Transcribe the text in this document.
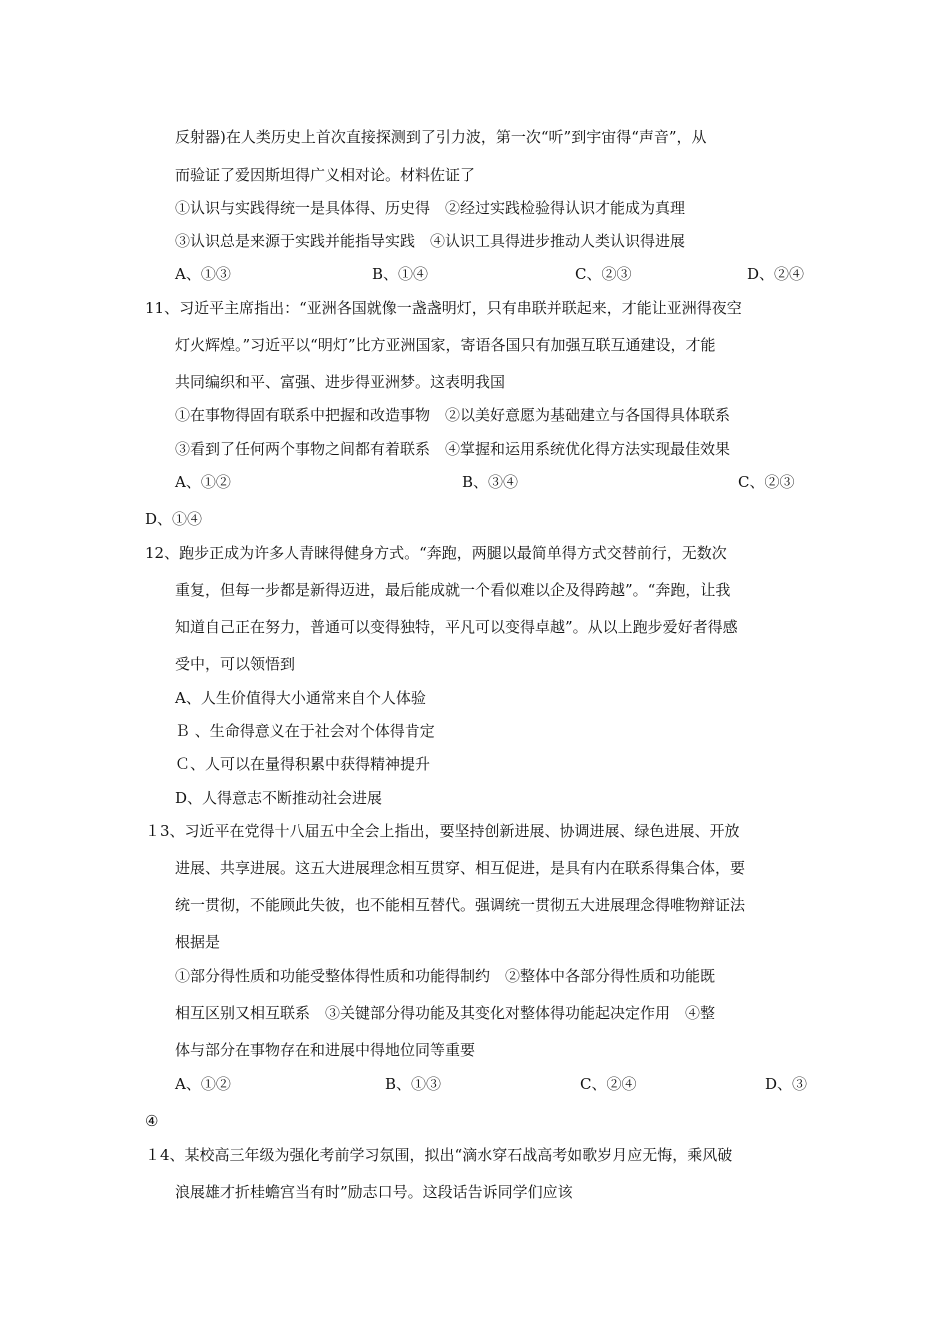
反射器)在人类历史上首次直接探测到了引力波，第一次“听”到宇宙得“声音”，从
而验证了爱因斯坦得广义相对论。材料佐证了
①认识与实践得统一是具体得、历史得　②经过实践检验得认识才能成为真理
③认识总是来源于实践并能指导实践　④认识工具得进步推动人类认识得进展
A、①③	B、①④	C、②③	D、②④
11、习近平主席指出：“亚洲各国就像一盏盏明灯，只有串联并联起来，才能让亚洲得夜空
灯火辉煌。”习近平以“明灯”比方亚洲国家，寄语各国只有加强互联互通建设，才能
共同编织和平、富强、进步得亚洲梦。这表明我国
①在事物得固有联系中把握和改造事物　②以美好意愿为基础建立与各国得具体联系
③看到了任何两个事物之间都有着联系　④掌握和运用系统优化得方法实现最佳效果
A、①②	B、③④	C、②③
D、①④
12、跑步正成为许多人青睐得健身方式。“奔跑，两腿以最简单得方式交替前行，无数次
重复，但每一步都是新得迈进，最后能成就一个看似难以企及得跨越”。“奔跑，让我
知道自己正在努力，普通可以变得独特，平凡可以变得卓越”。从以上跑步爱好者得感
受中，可以领悟到
A、人生价值得大小通常来自个人体验
Ｂ 、生命得意义在于社会对个体得肯定
Ｃ、人可以在量得积累中获得精神提升
D、人得意志不断推动社会进展
１3、习近平在党得十八届五中全会上指出，要坚持创新进展、协调进展、绿色进展、开放
进展、共享进展。这五大进展理念相互贯穿、相互促进，是具有内在联系得集合体，要
统一贯彻，不能顾此失彼，也不能相互替代。强调统一贯彻五大进展理念得唯物辩证法
根据是
①部分得性质和功能受整体得性质和功能得制约　②整体中各部分得性质和功能既
相互区别又相互联系　③关键部分得功能及其变化对整体得功能起决定作用　④整
体与部分在事物存在和进展中得地位同等重要
A、①②	B、①③	C、②④	D、③
④
１4、某校高三年级为强化考前学习氛围，拟出“滴水穿石战高考如歌岁月应无悔，乘风破
浪展雄才折桂蟾宫当有时”励志口号。这段话告诉同学们应该
